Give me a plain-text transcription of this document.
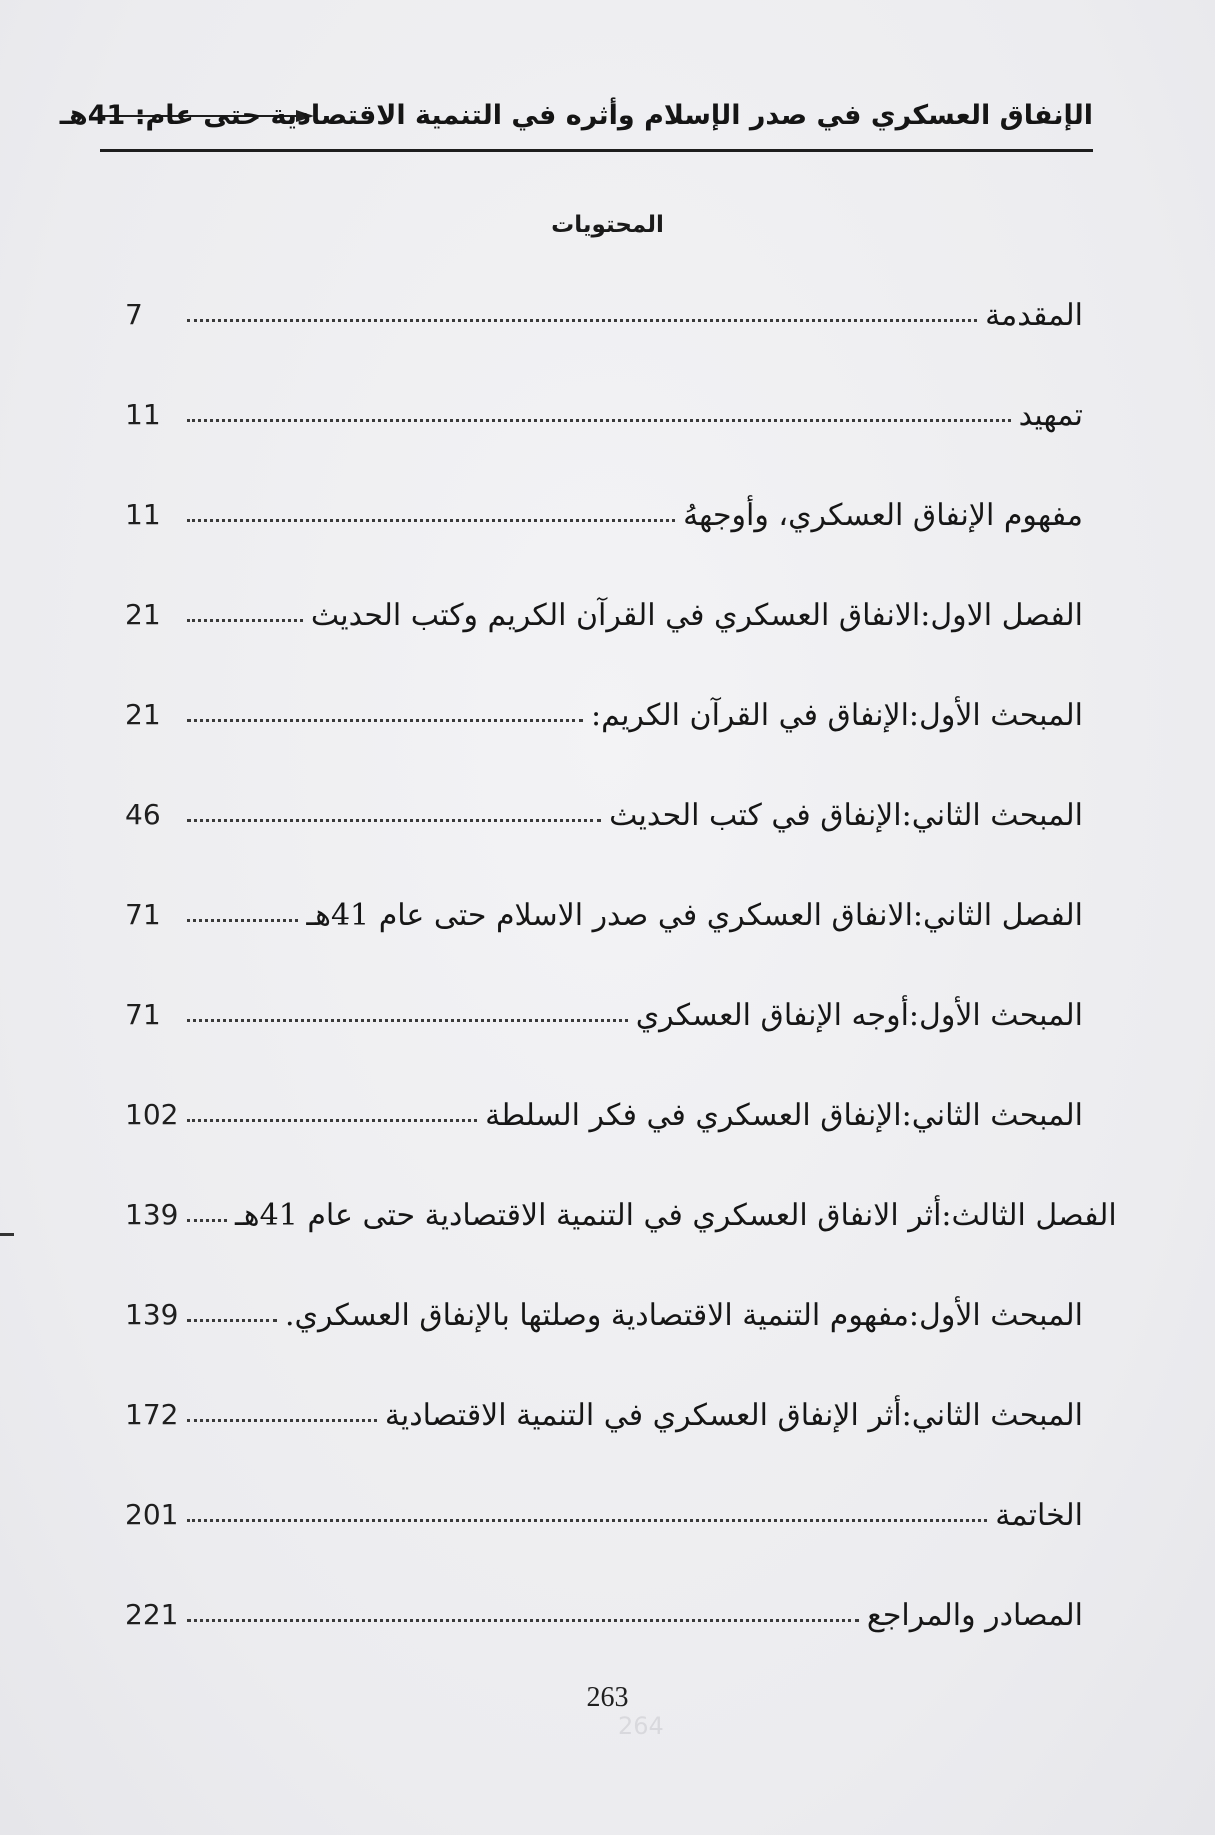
الإنفاق العسكري في صدر الإسلام وأثره في التنمية الاقتصادية حتى عام: 41هـ
المحتويات
7	المقدمة
11	تمهيد
11	مفهوم الإنفاق العسكري، وأوجههُ
21	الفصل الاول:الانفاق العسكري في القرآن الكريم وكتب الحديث
21	المبحث الأول:الإنفاق في القرآن الكريم:
46	المبحث الثاني:الإنفاق في كتب الحديث
71	الفصل الثاني:الانفاق العسكري في صدر الاسلام حتى عام 41هـ
71	المبحث الأول:أوجه الإنفاق العسكري
102	المبحث الثاني:الإنفاق العسكري في فكر السلطة
139 الفصل الثالث:أثر الانفاق العسكري في التنمية الاقتصادية حتى عام 41هـ
139	المبحث الأول:مفهوم التنمية الاقتصادية وصلتها بالإنفاق العسكري.
172	المبحث الثاني:أثر الإنفاق العسكري في التنمية الاقتصادية
201	الخاتمة
221	المصادر والمراجع
264
263
